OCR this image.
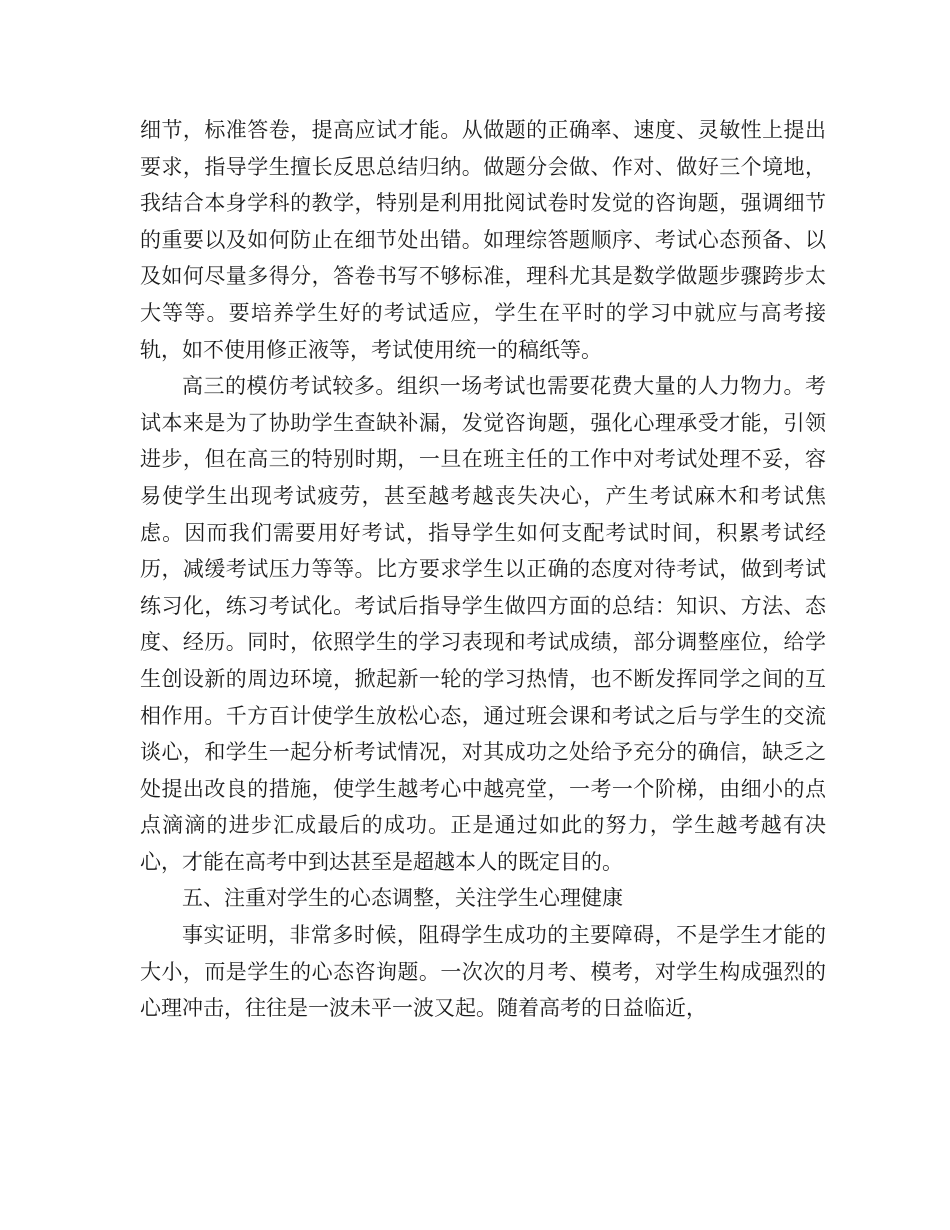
细节，标准答卷，提高应试才能。从做题的正确率、速度、灵敏性上提出要求，指导学生擅长反思总结归纳。做题分会做、作对、做好三个境地，我结合本身学科的教学，特别是利用批阅试卷时发觉的咨询题，强调细节的重要以及如何防止在细节处出错。如理综答题顺序、考试心态预备、以及如何尽量多得分，答卷书写不够标准，理科尤其是数学做题步骤跨步太大等等。要培养学生好的考试适应，学生在平时的学习中就应与高考接轨，如不使用修正液等，考试使用统一的稿纸等。

高三的模仿考试较多。组织一场考试也需要花费大量的人力物力。考试本来是为了协助学生查缺补漏，发觉咨询题，强化心理承受才能，引领进步，但在高三的特别时期，一旦在班主任的工作中对考试处理不妥，容易使学生出现考试疲劳，甚至越考越丧失决心，产生考试麻木和考试焦虑。因而我们需要用好考试，指导学生如何支配考试时间，积累考试经历，减缓考试压力等等。比方要求学生以正确的态度对待考试，做到考试练习化，练习考试化。考试后指导学生做四方面的总结：知识、方法、态度、经历。同时，依照学生的学习表现和考试成绩，部分调整座位，给学生创设新的周边环境，掀起新一轮的学习热情，也不断发挥同学之间的互相作用。千方百计使学生放松心态，通过班会课和考试之后与学生的交流谈心，和学生一起分析考试情况，对其成功之处给予充分的确信，缺乏之处提出改良的措施，使学生越考心中越亮堂，一考一个阶梯，由细小的点点滴滴的进步汇成最后的成功。正是通过如此的努力，学生越考越有决心，才能在高考中到达甚至是超越本人的既定目的。

五、注重对学生的心态调整，关注学生心理健康

事实证明，非常多时候，阻碍学生成功的主要障碍，不是学生才能的大小，而是学生的心态咨询题。一次次的月考、模考，对学生构成强烈的心理冲击，往往是一波未平一波又起。随着高考的日益临近，
